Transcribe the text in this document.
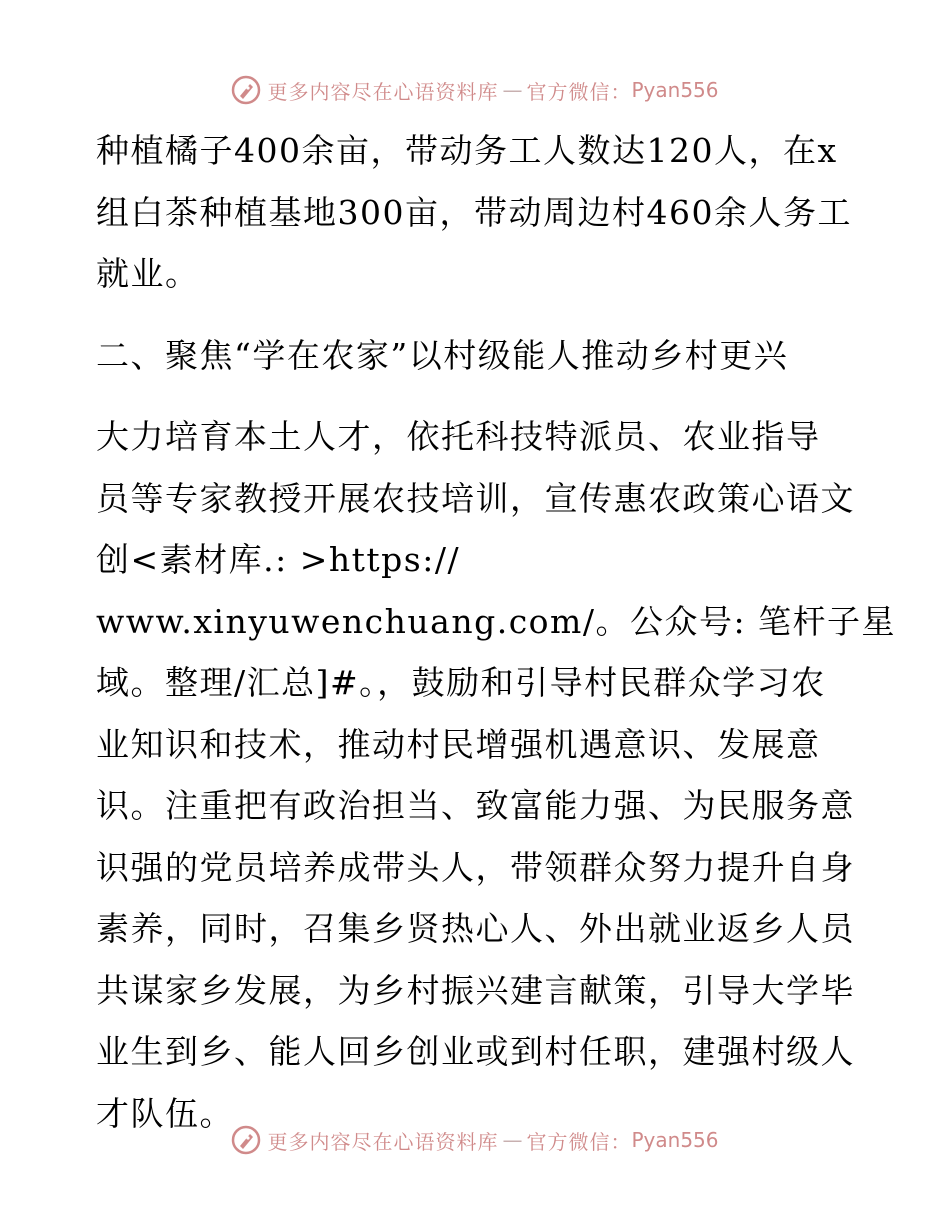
更多内容尽在心语资料库 — 官方微信： Pyan556
种植橘子400余亩，带动务工人数达120人，在x
组白茶种植基地300亩，带动周边村460余人务工
就业。
二、聚焦“学在农家”以村级能人推动乡村更兴
大力培育本土人才，依托科技特派员、农业指导
员等专家教授开展农技培训，宣传惠农政策心语文
创<素材库.: >https://
www.xinyuwenchuang.com/。公众号: 笔杆子星
域。整理/汇总]#。，鼓励和引导村民群众学习农
业知识和技术，推动村民增强机遇意识、发展意
识。注重把有政治担当、致富能力强、为民服务意
识强的党员培养成带头人，带领群众努力提升自身
素养，同时，召集乡贤热心人、外出就业返乡人员
共谋家乡发展，为乡村振兴建言献策，引导大学毕
业生到乡、能人回乡创业或到村任职，建强村级人
才队伍。
更多内容尽在心语资料库 — 官方微信： Pyan556
